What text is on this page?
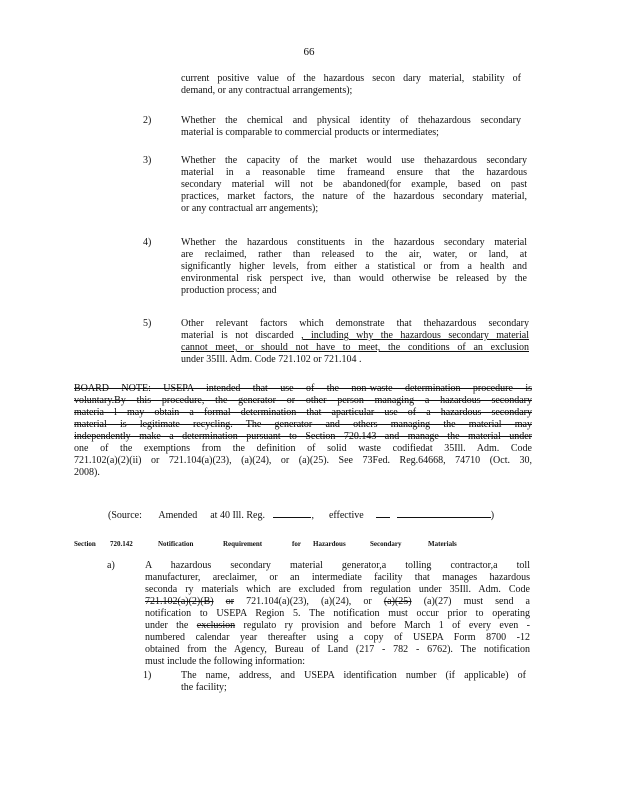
66
current positive value of the hazardous secon dary material, stability of
demand, or any contractual arrangements);
2)	Whether the chemical and physical identity of thehazardous secondary
material is comparable to commercial products or intermediates;
3)	Whether the capacity of the market would use thehazardous secondary
material in a reasonable time frameand ensure that the hazardous
secondary material will not be abandoned(for example, based on past
practices, market factors, the nature of the hazardous secondary material,
or any contractual arr angements);
4)	Whether the hazardous constituents in the hazardous secondary material
are reclaimed, rather than released to the air, water, or land, at
significantly higher levels, from either a statistical or from a health and
environmental risk perspect ive, than would otherwise be released by the
production process; and
5)	Other relevant factors which demonstrate that thehazardous secondary
material is not discarded , including why the hazardous secondary material
cannot meet, or should not have to meet, the conditions of an exclusion
under 35Ill. Adm. Code 721.102 or 721.104 .
BOARD NOTE: USEPA intended that use of the non-waste determination procedure is
voluntary.By this procedure, the generator or other person managing a hazardous secondary
materia l may obtain a formal determination that aparticular use of a hazardous secondary
material is legitimate recycling. The generator and others managing the material may
independently make a determination pursuant to Section 720.143 and manage the material under
one of the exemptions from the definition of solid waste codifiedat 35Ill. Adm. Code
721.102(a)(2)(ii) or 721.104(a)(23), (a)(24), or (a)(25). See 73Fed. Reg.64668, 74710 (Oct. 30,
2008).
(Source: Amended at 40 Ill. Reg.	, effective	)
Section 720.142	Notification	Requirement	for Hazardous	Secondary	Materials
a)	A hazardous secondary material generator,a tolling contractor,a toll
manufacturer, areclaimer, or an intermediate facility that manages hazardous
seconda ry materials which are excluded from regulation under 35Ill. Adm. Code
721.102(a)(2)(B) or 721.104(a)(23), (a)(24), or (a)(25) (a)(27) must send a
notification to USEPA Region 5. The notification must occur prior to operating
under the exclusion regulato ry provision and before March 1 of every even -
numbered calendar year thereafter using a copy of USEPA Form 8700 -12
obtained from the Agency, Bureau of Land (217 - 782 - 6762). The notification
must include the following information:
1)	The name, address, and USEPA identification number (if applicable) of
the facility;
